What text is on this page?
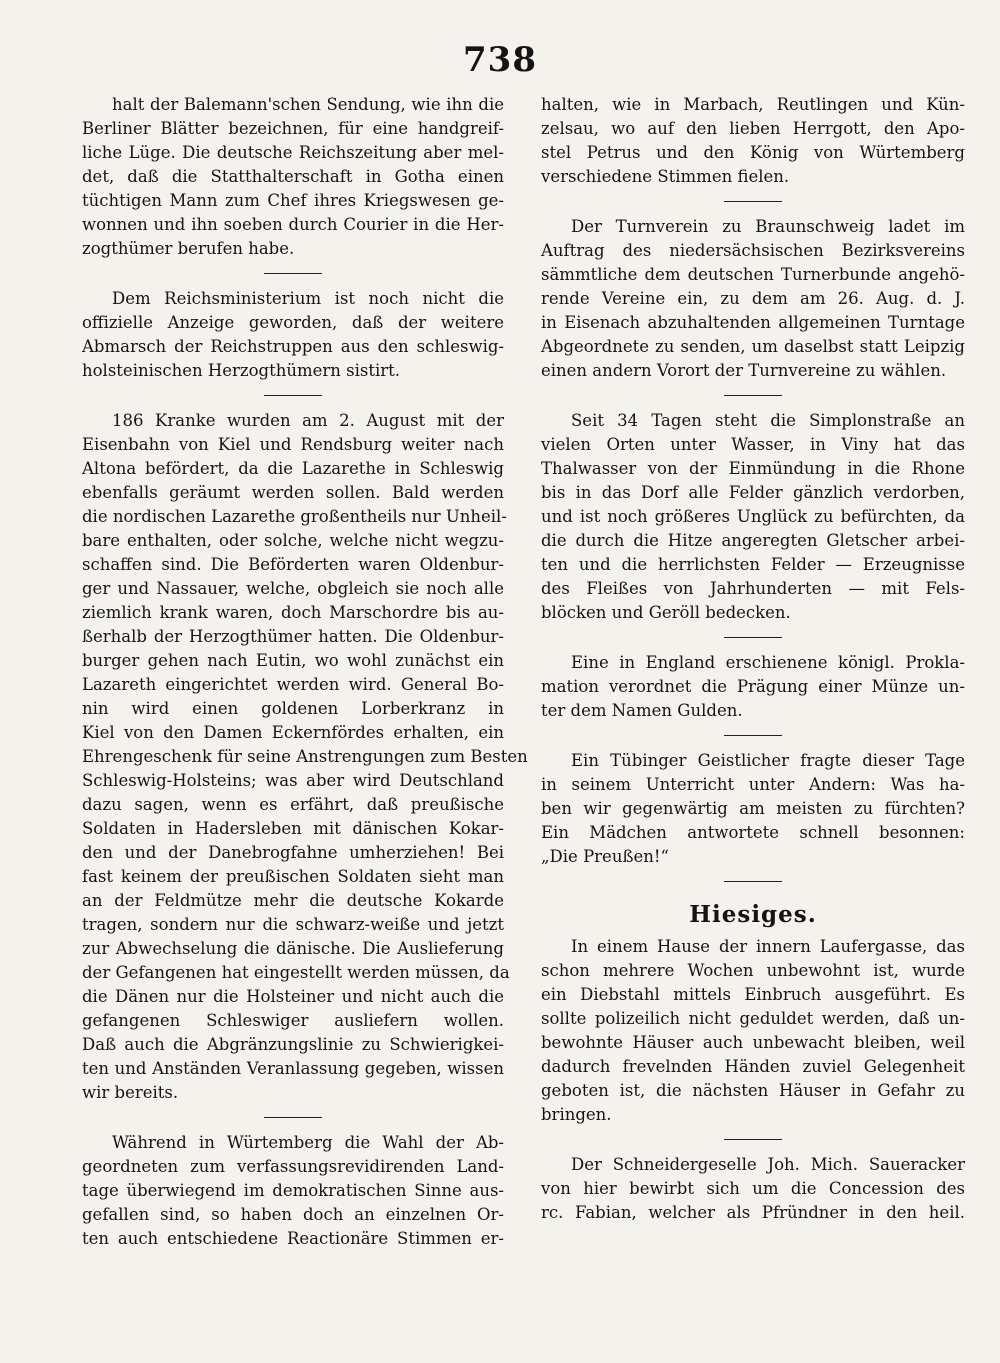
738
halt der Balemann'schen Sendung, wie ihn die
Berliner Blätter bezeichnen, für eine handgreif-
liche Lüge. Die deutsche Reichszeitung aber mel-
det, daß die Statthalterschaft in Gotha einen
tüchtigen Mann zum Chef ihres Kriegswesen ge-
wonnen und ihn soeben durch Courier in die Her-
zogthümer berufen habe.
Dem Reichsministerium ist noch nicht die
offizielle Anzeige geworden, daß der weitere
Abmarsch der Reichstruppen aus den schleswig-
holsteinischen Herzogthümern sistirt.
186 Kranke wurden am 2. August mit der
Eisenbahn von Kiel und Rendsburg weiter nach
Altona befördert, da die Lazarethe in Schleswig
ebenfalls geräumt werden sollen. Bald werden
die nordischen Lazarethe großentheils nur Unheil-
bare enthalten, oder solche, welche nicht wegzu-
schaffen sind. Die Beförderten waren Oldenbur-
ger und Nassauer, welche, obgleich sie noch alle
ziemlich krank waren, doch Marschordre bis au-
ßerhalb der Herzogthümer hatten. Die Oldenbur-
burger gehen nach Eutin, wo wohl zunächst ein
Lazareth eingerichtet werden wird. General Bo-
nin wird einen goldenen Lorberkranz in
Kiel von den Damen Eckernfördes erhalten, ein
Ehrengeschenk für seine Anstrengungen zum Besten
Schleswig-Holsteins; was aber wird Deutschland
dazu sagen, wenn es erfährt, daß preußische
Soldaten in Hadersleben mit dänischen Kokar-
den und der Danebrogfahne umherziehen! Bei
fast keinem der preußischen Soldaten sieht man
an der Feldmütze mehr die deutsche Kokarde
tragen, sondern nur die schwarz-weiße und jetzt
zur Abwechselung die dänische. Die Auslieferung
der Gefangenen hat eingestellt werden müssen, da
die Dänen nur die Holsteiner und nicht auch die
gefangenen Schleswiger ausliefern wollen.
Daß auch die Abgränzungslinie zu Schwierigkei-
ten und Anständen Veranlassung gegeben, wissen
wir bereits.
Während in Würtemberg die Wahl der Ab-
geordneten zum verfassungsrevidirenden Land-
tage überwiegend im demokratischen Sinne aus-
gefallen sind, so haben doch an einzelnen Or-
ten auch entschiedene Reactionäre Stimmen er-
halten, wie in Marbach, Reutlingen und Kün-
zelsau, wo auf den lieben Herrgott, den Apo-
stel Petrus und den König von Würtemberg
verschiedene Stimmen fielen.
Der Turnverein zu Braunschweig ladet im
Auftrag des niedersächsischen Bezirksvereins
sämmtliche dem deutschen Turnerbunde angehö-
rende Vereine ein, zu dem am 26. Aug. d. J.
in Eisenach abzuhaltenden allgemeinen Turntage
Abgeordnete zu senden, um daselbst statt Leipzig
einen andern Vorort der Turnvereine zu wählen.
Seit 34 Tagen steht die Simplonstraße an
vielen Orten unter Wasser, in Viny hat das
Thalwasser von der Einmündung in die Rhone
bis in das Dorf alle Felder gänzlich verdorben,
und ist noch größeres Unglück zu befürchten, da
die durch die Hitze angeregten Gletscher arbei-
ten und die herrlichsten Felder — Erzeugnisse
des Fleißes von Jahrhunderten — mit Fels-
blöcken und Geröll bedecken.
Eine in England erschienene königl. Prokla-
mation verordnet die Prägung einer Münze un-
ter dem Namen Gulden.
Ein Tübinger Geistlicher fragte dieser Tage
in seinem Unterricht unter Andern: Was ha-
ben wir gegenwärtig am meisten zu fürchten?
Ein Mädchen antwortete schnell besonnen:
„Die Preußen!“
Hiesiges.
In einem Hause der innern Laufergasse, das
schon mehrere Wochen unbewohnt ist, wurde
ein Diebstahl mittels Einbruch ausgeführt. Es
sollte polizeilich nicht geduldet werden, daß un-
bewohnte Häuser auch unbewacht bleiben, weil
dadurch frevelnden Händen zuviel Gelegenheit
geboten ist, die nächsten Häuser in Gefahr zu
bringen.
Der Schneidergeselle Joh. Mich. Saueracker
von hier bewirbt sich um die Concession des
rc. Fabian, welcher als Pfründner in den heil.
